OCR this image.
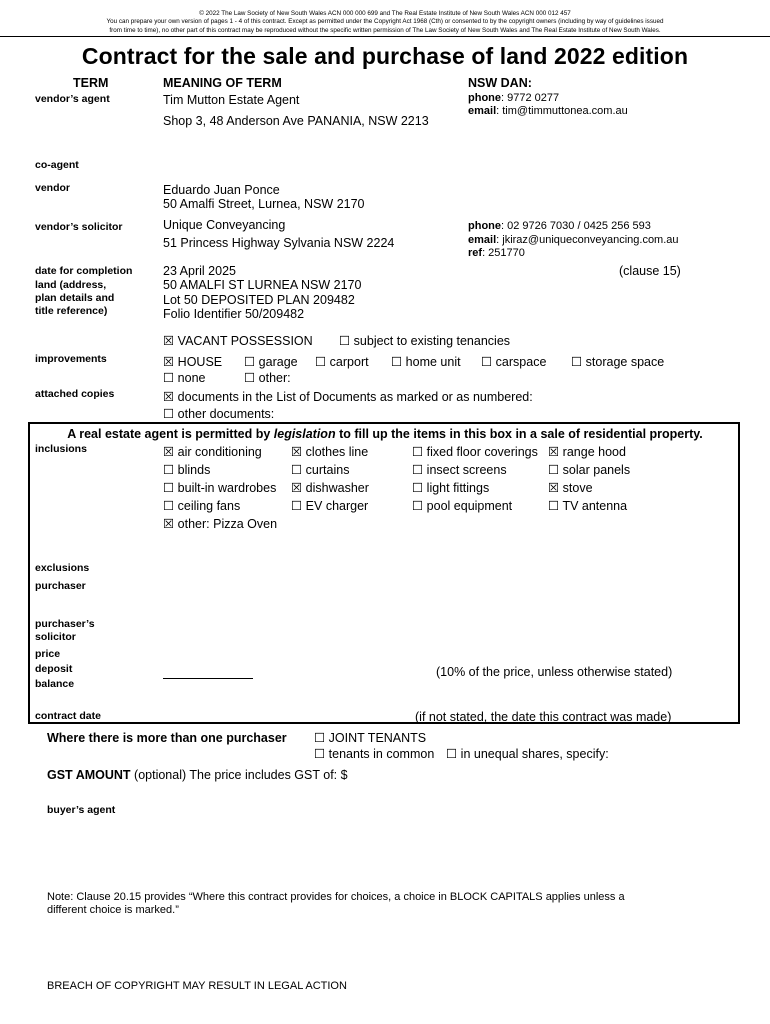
© 2022 The Law Society of New South Wales ACN 000 000 699 and The Real Estate Institute of New South Wales ACN 000 012 457
You can prepare your own version of pages 1 - 4 of this contract. Except as permitted under the Copyright Act 1968 (Cth) or consented to by the copyright owners (including by way of guidelines issued
from time to time), no other part of this contract may be reproduced without the specific written permission of The Law Society of New South Wales and The Real Estate Institute of New South Wales.
Contract for the sale and purchase of land 2022 edition
TERM	MEANING OF TERM	NSW DAN:
vendor’s agent	Tim Mutton Estate Agent
Shop 3, 48 Anderson Ave PANANIA, NSW 2213
phone: 9772 0277
email: tim@timmuttonea.com.au
co-agent
vendor	Eduardo Juan Ponce
50 Amalfi Street, Lurnea, NSW 2170
vendor’s solicitor	Unique Conveyancing
51 Princess Highway Sylvania NSW 2224
phone: 02 9726 7030 / 0425 256 593
email: jkiraz@uniqueconveyancing.com.au
ref: 251770
date for completion
land (address,
plan details and
title reference)
23 April 2025	(clause 15)
50 AMALFI ST LURNEA NSW 2170
Lot 50 DEPOSITED PLAN 209482
Folio Identifier 50/209482
☒ VACANT POSSESSION ☐ subject to existing tenancies
improvements	☒ HOUSE ☐ garage ☐ carport ☐ home unit ☐ carspace ☐ storage space
☐ none	☐ other:
attached copies	☒ documents in the List of Documents as marked or as numbered:
☐ other documents:
A real estate agent is permitted by legislation to fill up the items in this box in a sale of residential property.
inclusions	☒ air conditioning ☒ clothes line	☐ fixed floor coverings ☒ range hood
☐ blinds	☐ curtains	☐ insect screens	☐ solar panels
☐ built-in wardrobes ☒ dishwasher	☐ light fittings	☒ stove
☐ ceiling fans	☐ EV charger	☐ pool equipment	☐ TV antenna
☒ other: Pizza Oven
exclusions
purchaser
purchaser’s
solicitor
price
deposit
balance
(10% of the price, unless otherwise stated)
contract date	(if not stated, the date this contract was made)
Where there is more than one purchaser ☐ JOINT TENANTS
☐ tenants in common ☐ in unequal shares, specify:
GST AMOUNT (optional) The price includes GST of: $
buyer’s agent
Note: Clause 20.15 provides “Where this contract provides for choices, a choice in BLOCK CAPITALS applies unless a
different choice is marked.”
BREACH OF COPYRIGHT MAY RESULT IN LEGAL ACTION
